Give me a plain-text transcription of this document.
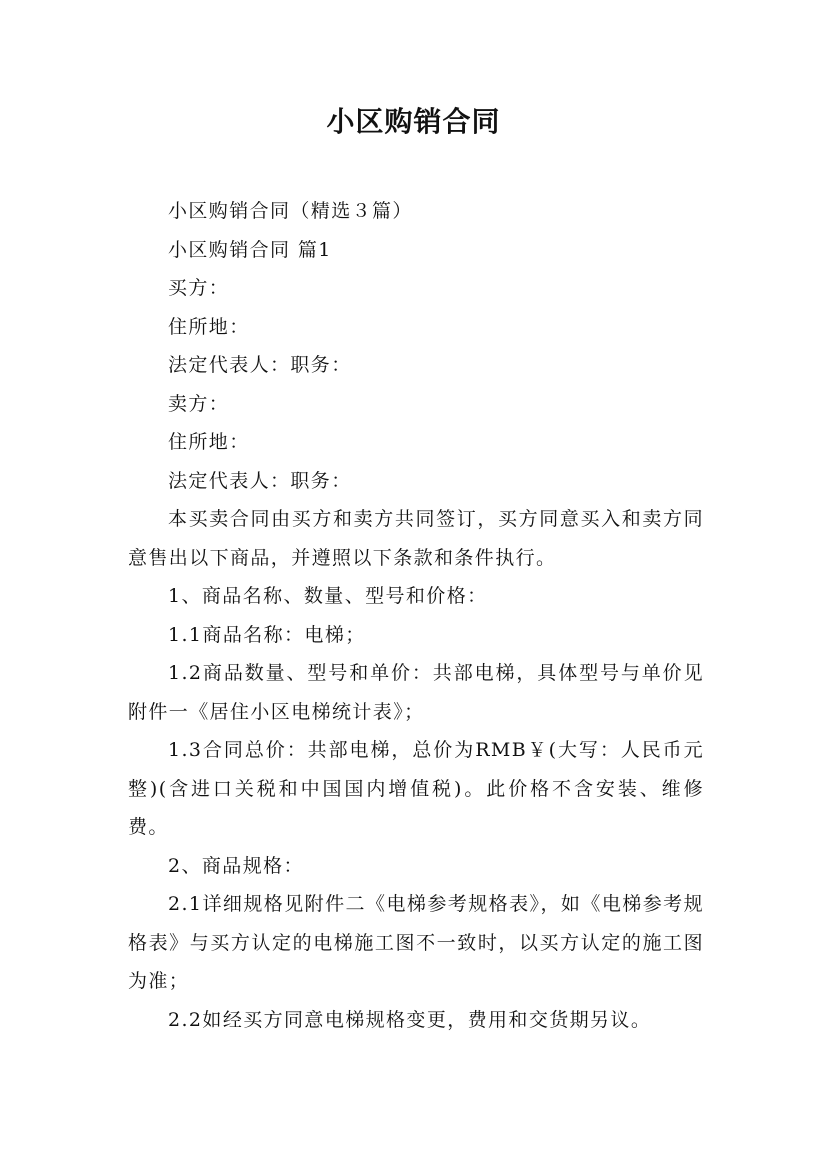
小区购销合同

小区购销合同（精选３篇）

小区购销合同 篇1

买方：

住所地：

法定代表人：职务：

卖方：

住所地：

法定代表人：职务：

本买卖合同由买方和卖方共同签订，买方同意买入和卖方同意售出以下商品，并遵照以下条款和条件执行。

1、商品名称、数量、型号和价格：

1.1商品名称：电梯；

1.2商品数量、型号和单价：共部电梯，具体型号与单价见附件一《居住小区电梯统计表》；

1.3合同总价：共部电梯，总价为RMB￥(大写：人民币元整)(含进口关税和中国国内增值税)。此价格不含安装、维修费。

2、商品规格：

2.1详细规格见附件二《电梯参考规格表》，如《电梯参考规格表》与买方认定的电梯施工图不一致时，以买方认定的施工图为准；

2.2如经买方同意电梯规格变更，费用和交货期另议。
